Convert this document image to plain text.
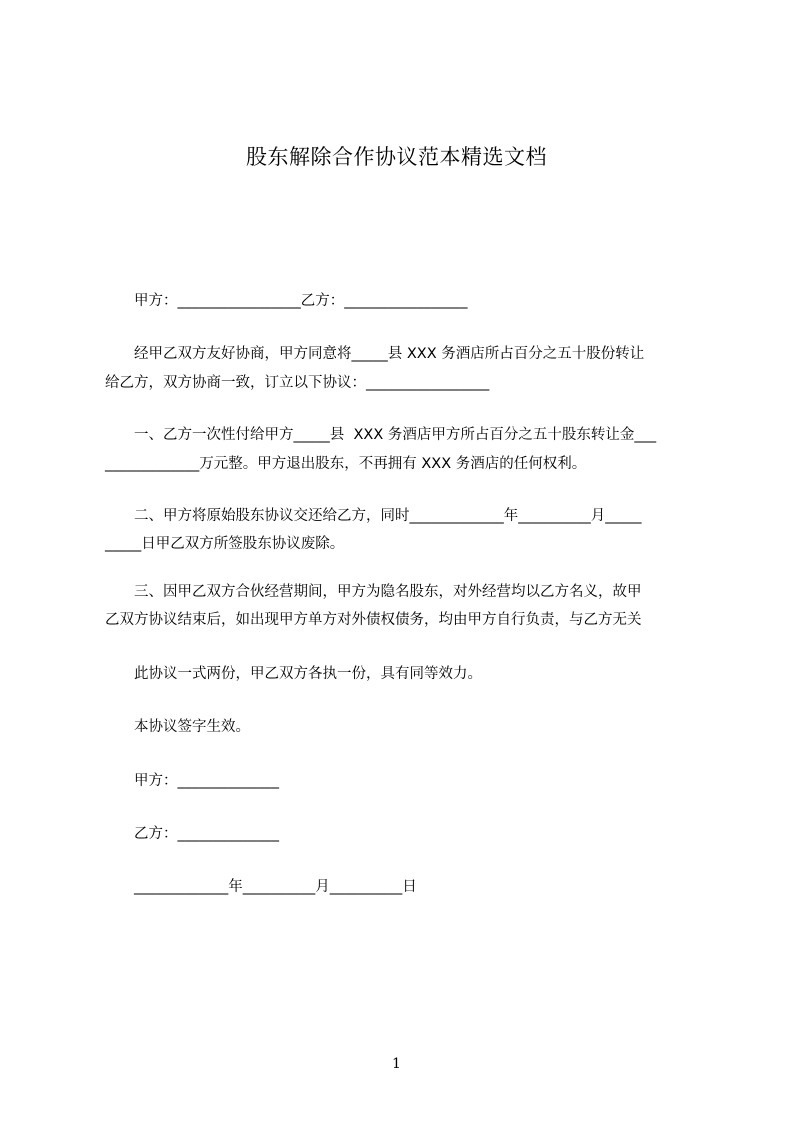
股东解除合作协议范本精选文档
　　甲方：_________________乙方：_________________
　　经甲乙双方友好协商，甲方同意将_____县 XXX 务酒店所占百分之五十股份转让
给乙方，双方协商一致，订立以下协议：_________________
　　一、乙方一次性付给甲方_____县  XXX 务酒店甲方所占百分之五十股东转让金___
_____________万元整。甲方退出股东，不再拥有 XXX 务酒店的任何权利。
　　二、甲方将原始股东协议交还给乙方，同时_____________年__________月_____
_____日甲乙双方所签股东协议废除。
　　三、因甲乙双方合伙经营期间，甲方为隐名股东，对外经营均以乙方名义，故甲
乙双方协议结束后，如出现甲方单方对外债权债务，均由甲方自行负责，与乙方无关
　　此协议一式两份，甲乙双方各执一份，具有同等效力。
　　本协议签字生效。
　　甲方：______________
　　乙方：______________
　　_____________年__________月__________日
1
